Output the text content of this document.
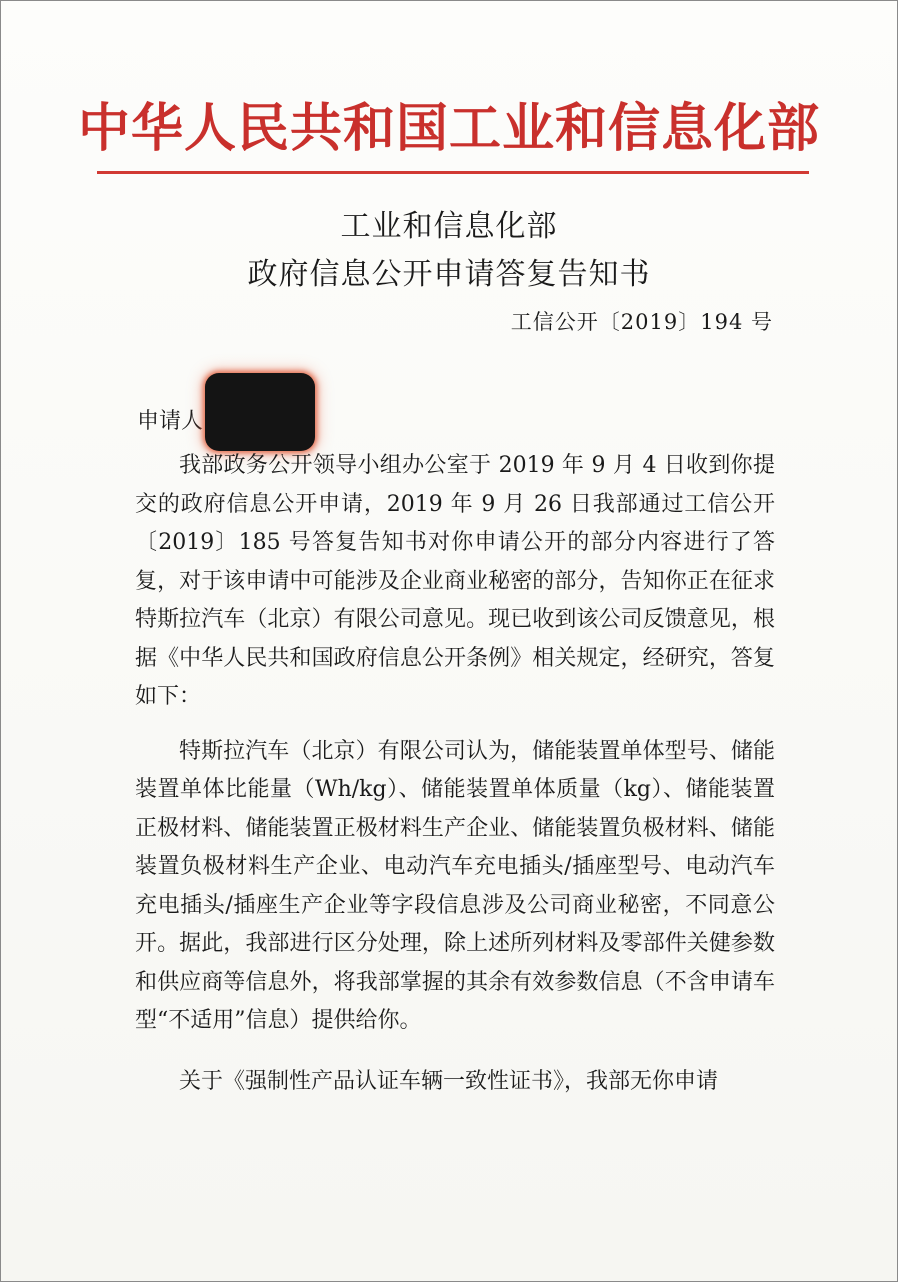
中华人民共和国工业和信息化部
工业和信息化部
政府信息公开申请答复告知书
工信公开〔2019〕194 号
申请人

我部政务公开领导小组办公室于 2019 年 9 月 4 日收到你提交的政府信息公开申请，2019 年 9 月 26 日我部通过工信公开〔2019〕185 号答复告知书对你申请公开的部分内容进行了答复，对于该申请中可能涉及企业商业秘密的部分，告知你正在征求特斯拉汽车（北京）有限公司意见。现已收到该公司反馈意见，根据《中华人民共和国政府信息公开条例》相关规定，经研究，答复如下：

特斯拉汽车（北京）有限公司认为，储能装置单体型号、储能装置单体比能量（Wh/kg）、储能装置单体质量（kg）、储能装置正极材料、储能装置正极材料生产企业、储能装置负极材料、储能装置负极材料生产企业、电动汽车充电插头/插座型号、电动汽车充电插头/插座生产企业等字段信息涉及公司商业秘密，不同意公开。据此，我部进行区分处理，除上述所列材料及零部件关健参数和供应商等信息外，将我部掌握的其余有效参数信息（不含申请车型“不适用”信息）提供给你。

关于《强制性产品认证车辆一致性证书》，我部无你申请
